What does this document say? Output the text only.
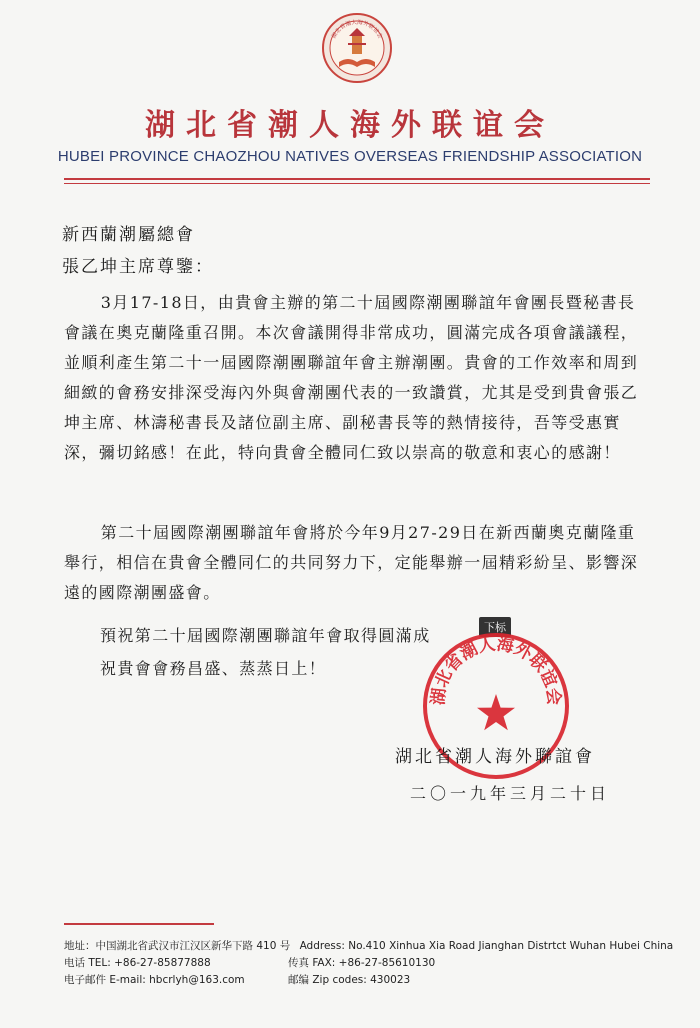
湖北省潮人海外联谊会
湖北省潮人海外联谊会
HUBEI PROVINCE CHAOZHOU NATIVES OVERSEAS FRIENDSHIP ASSOCIATION
新西蘭潮屬總會
張乙坤主席尊鑒：

3月17-18日，由貴會主辦的第二十屆國際潮團聯誼年會團長暨秘書長會議在奧克蘭隆重召開。本次會議開得非常成功，圓滿完成各項會議議程，並順利產生第二十一屆國際潮團聯誼年會主辦潮團。貴會的工作效率和周到細緻的會務安排深受海內外與會潮團代表的一致讚賞，尤其是受到貴會張乙坤主席、林濤秘書長及諸位副主席、副秘書長等的熱情接待，吾等受惠實深，彌切銘感！在此，特向貴會全體同仁致以崇高的敬意和衷心的感謝！

第二十屆國際潮團聯誼年會將於今年9月27-29日在新西蘭奧克蘭隆重舉行，相信在貴會全體同仁的共同努力下，定能舉辦一屆精彩紛呈、影響深遠的國際潮團盛會。

預祝第二十屆國際潮團聯誼年會取得圓滿成
祝貴會會務昌盛、蒸蒸日上！
下标
湖北省潮人海外联谊会
湖北省潮人海外聯誼會
二〇一九年三月二十日
地址：中国湖北省武汉市江汉区新华下路 410 号 Address: No.410 Xinhua Xia Road Jianghan Distrtct Wuhan Hubei China
电话 TEL: +86-27-85877888	传真 FAX: +86-27-85610130
电子邮件 E-mail: hbcrlyh@163.com	邮编 Zip codes: 430023
